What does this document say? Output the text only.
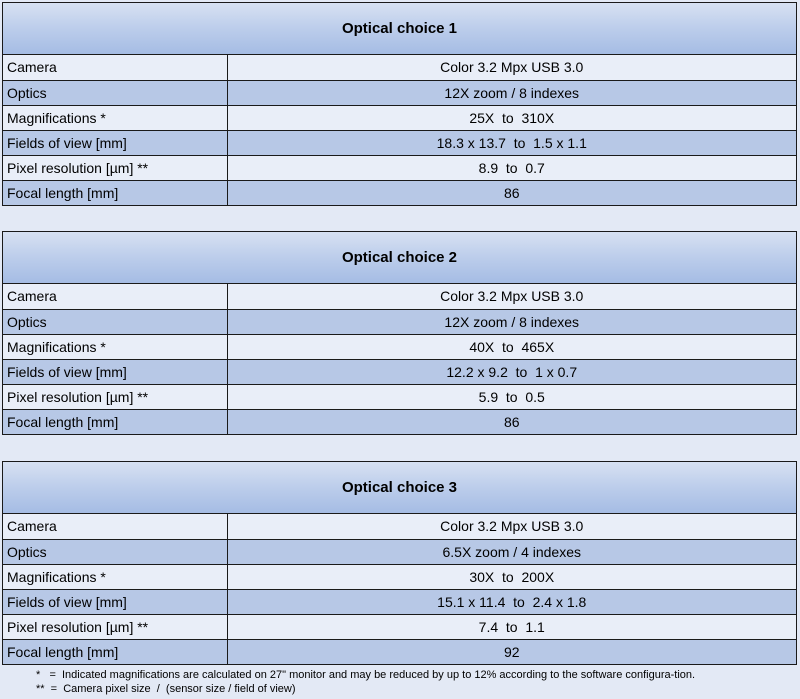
Optical choice 1
Camera	Color 3.2 Mpx USB 3.0
Optics	12X zoom / 8 indexes
Magnifications *	25X  to  310X
Fields of view [mm]	18.3 x 13.7  to  1.5 x 1.1
Pixel resolution [µm] **	8.9  to  0.7
Focal length [mm]	86
Optical choice 2
Camera	Color 3.2 Mpx USB 3.0
Optics	12X zoom / 8 indexes
Magnifications *	40X  to  465X
Fields of view [mm]	12.2 x 9.2  to  1 x 0.7
Pixel resolution [µm] **	5.9  to  0.5
Focal length [mm]	86
Optical choice 3
Camera	Color 3.2 Mpx USB 3.0
Optics	6.5X zoom / 4 indexes
Magnifications *	30X  to  200X
Fields of view [mm]	15.1 x 11.4  to  2.4 x 1.8
Pixel resolution [µm] **	7.4  to  1.1
Focal length [mm]	92
*   =  Indicated magnifications are calculated on 27" monitor and may be reduced by up to 12% according to the software configura-tion.
**  =  Camera pixel size  /  (sensor size / field of view)
